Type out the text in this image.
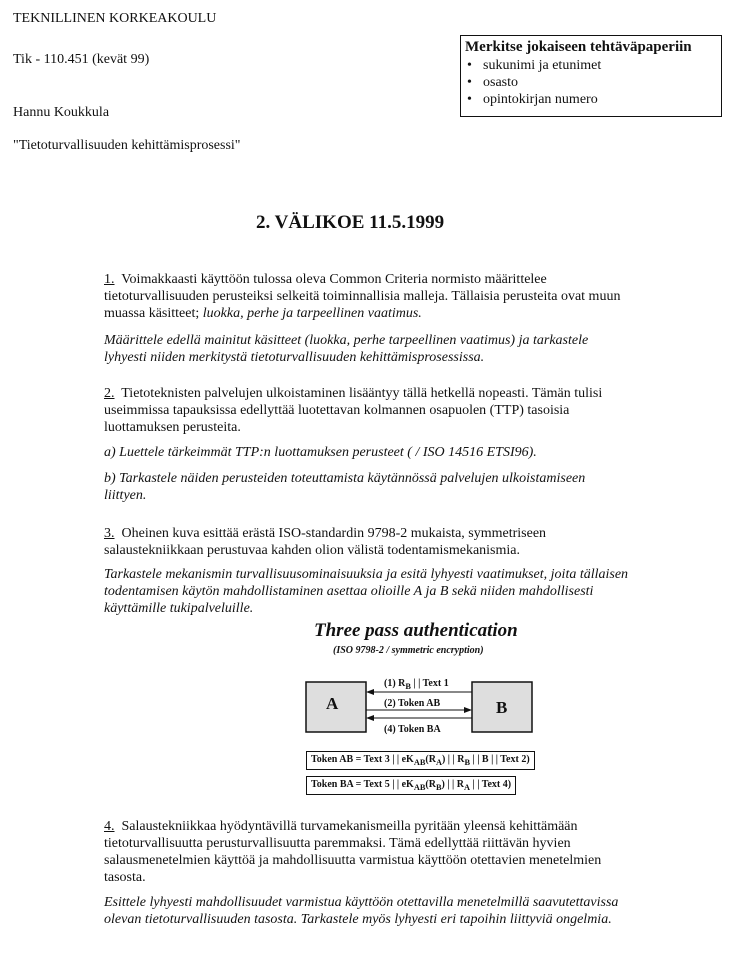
TEKNILLINEN KORKEAKOULU
Tik - 110.451 (kevät 99)
Hannu Koukkula
"Tietoturvallisuuden kehittämisprosessi"
Merkitse jokaiseen tehtäväpaperiin
• sukunimi ja etunimet
• osasto
• opintokirjan numero
2. VÄLIKOE 11.5.1999
1. Voimakkaasti käyttöön tulossa oleva Common Criteria normisto määrittelee
tietoturvallisuuden perusteiksi selkeitä toiminnallisia malleja. Tällaisia perusteita ovat muun
muassa käsitteet; luokka, perhe ja tarpeellinen vaatimus.
Määrittele edellä mainitut käsitteet (luokka, perhe tarpeellinen vaatimus) ja tarkastele
lyhyesti niiden merkitystä tietoturvallisuuden kehittämisprosessissa.
2. Tietoteknisten palvelujen ulkoistaminen lisääntyy tällä hetkellä nopeasti. Tämän tulisi
useimmissa tapauksissa edellyttää luotettavan kolmannen osapuolen (TTP) tasoisia
luottamuksen perusteita.
a) Luettele tärkeimmät TTP:n luottamuksen perusteet ( / ISO 14516 ETSI96).
b) Tarkastele näiden perusteiden toteuttamista käytännössä palvelujen ulkoistamiseen
liittyen.
3. Oheinen kuva esittää erästä ISO-standardin 9798-2 mukaista, symmetriseen
salaustekniikkaan perustuvaa kahden olion välistä todentamismekanismia.
Tarkastele mekanismin turvallisuusominaisuuksia ja esitä lyhyesti vaatimukset, joita tällaisen
todentamisen käytön mahdollistaminen asettaa olioille A ja B sekä niiden mahdollisesti
käyttämille tukipalveluille.
Three pass authentication
(ISO 9798-2 / symmetric encryption)
A	B
(1) $R_B$ | | Text 1
(2) Token AB
(4) Token BA
Token AB = Text 3 | | $eK_{AB}(R_A)$ | | $R_B$ | | B | | Text 2)
Token BA = Text 5 | | $eK_{AB}(R_B)$ | | $R_A$ | | Text 4)
4. Salaustekniikkaa hyödyntävillä turvamekanismeilla pyritään yleensä kehittämään
tietoturvallisuutta perusturvallisuutta paremmaksi. Tämä edellyttää riittävän hyvien
salausmenetelmien käyttöä ja mahdollisuutta varmistua käyttöön otettavien menetelmien
tasosta.
Esittele lyhyesti mahdollisuudet varmistua käyttöön otettavilla menetelmillä saavutettavissa
olevan tietoturvallisuuden tasosta. Tarkastele myös lyhyesti eri tapoihin liittyviä ongelmia.
